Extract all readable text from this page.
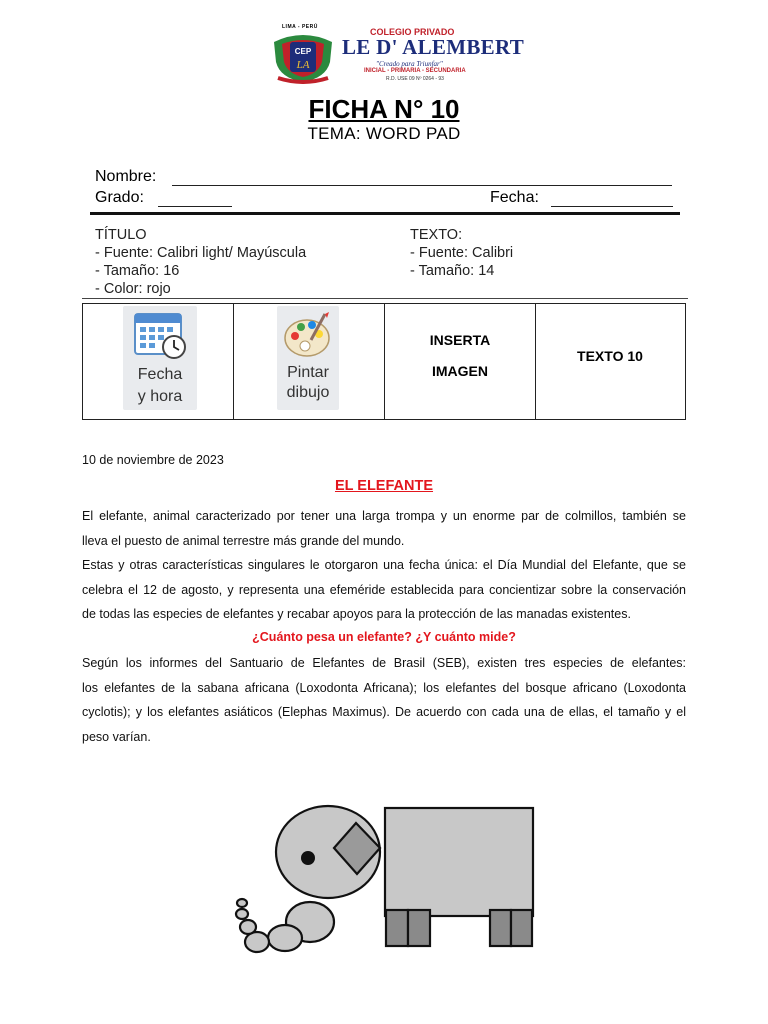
LIMA - PERÚ
CEP
LA
COLEGIO PRIVADO
LE D' ALEMBERT
"Creado para Triunfar"
INICIAL - PRIMARIA - SECUNDARIA
R.D. USE 09 Nº 0264 - 93
FICHA N° 10
TEMA: WORD PAD
Nombre:
Grado:	Fecha:
TÍTULO
- Fuente: Calibri light/ Mayúscula
- Tamaño: 16
- Color: rojo
TEXTO:
- Fuente: Calibri
- Tamaño: 14
Fecha
y hora
Pintar
dibujo
INSERTA
IMAGEN
TEXTO 10
10 de noviembre de 2023
EL ELEFANTE
El elefante, animal caracterizado por tener una larga trompa y un enorme par de colmillos, también se
lleva el puesto de animal terrestre más grande del mundo.
Estas y otras características singulares le otorgaron una fecha única: el Día Mundial del Elefante, que se
celebra el 12 de agosto, y representa una efeméride establecida para concientizar sobre la conservación
de todas las especies de elefantes y recabar apoyos para la protección de las manadas existentes.
¿Cuánto pesa un elefante? ¿Y cuánto mide?
Según los informes del Santuario de Elefantes de Brasil (SEB), existen tres especies de elefantes:
los elefantes de la sabana africana (Loxodonta Africana); los elefantes del bosque africano (Loxodonta
cyclotis); y los elefantes asiáticos (Elephas Maximus). De acuerdo con cada una de ellas, el tamaño y el
peso varían.
